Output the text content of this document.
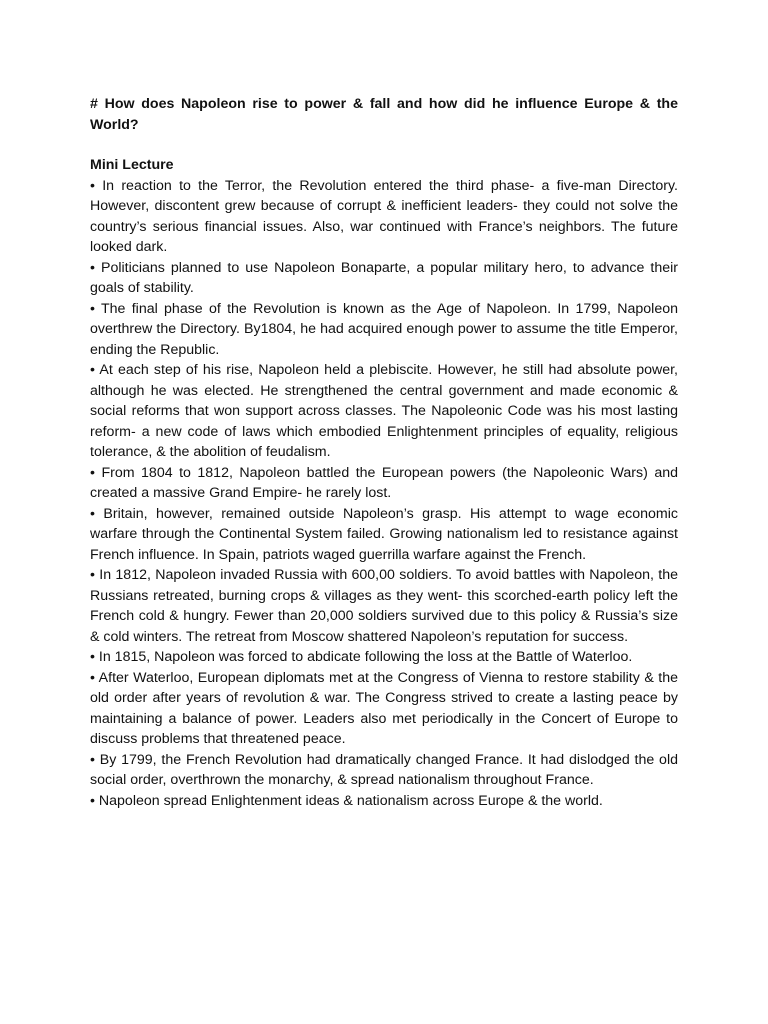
# How does Napoleon rise to power & fall and how did he influence Europe & the World?

Mini Lecture

• In reaction to the Terror, the Revolution entered the third phase- a five-man Directory. However, discontent grew because of corrupt & inefficient leaders- they could not solve the country’s serious financial issues. Also, war continued with France’s neighbors. The future looked dark.

• Politicians planned to use Napoleon Bonaparte, a popular military hero, to advance their goals of stability.

• The final phase of the Revolution is known as the Age of Napoleon. In 1799, Napoleon overthrew the Directory. By1804, he had acquired enough power to assume the title Emperor, ending the Republic.

• At each step of his rise, Napoleon held a plebiscite. However, he still had absolute power, although he was elected. He strengthened the central government and made economic & social reforms that won support across classes. The Napoleonic Code was his most lasting reform- a new code of laws which embodied Enlightenment principles of equality, religious tolerance, & the abolition of feudalism.

• From 1804 to 1812, Napoleon battled the European powers (the Napoleonic Wars) and created a massive Grand Empire- he rarely lost.

• Britain, however, remained outside Napoleon’s grasp. His attempt to wage economic warfare through the Continental System failed. Growing nationalism led to resistance against French influence. In Spain, patriots waged guerrilla warfare against the French.

• In 1812, Napoleon invaded Russia with 600,00 soldiers. To avoid battles with Napoleon, the Russians retreated, burning crops & villages as they went- this scorched-earth policy left the French cold & hungry. Fewer than 20,000 soldiers survived due to this policy & Russia’s size & cold winters. The retreat from Moscow shattered Napoleon’s reputation for success.

• In 1815, Napoleon was forced to abdicate following the loss at the Battle of Waterloo.

• After Waterloo, European diplomats met at the Congress of Vienna to restore stability & the old order after years of revolution & war. The Congress strived to create a lasting peace by maintaining a balance of power. Leaders also met periodically in the Concert of Europe to discuss problems that threatened peace.

• By 1799, the French Revolution had dramatically changed France. It had dislodged the old social order, overthrown the monarchy, & spread nationalism throughout France.

• Napoleon spread Enlightenment ideas & nationalism across Europe & the world.
